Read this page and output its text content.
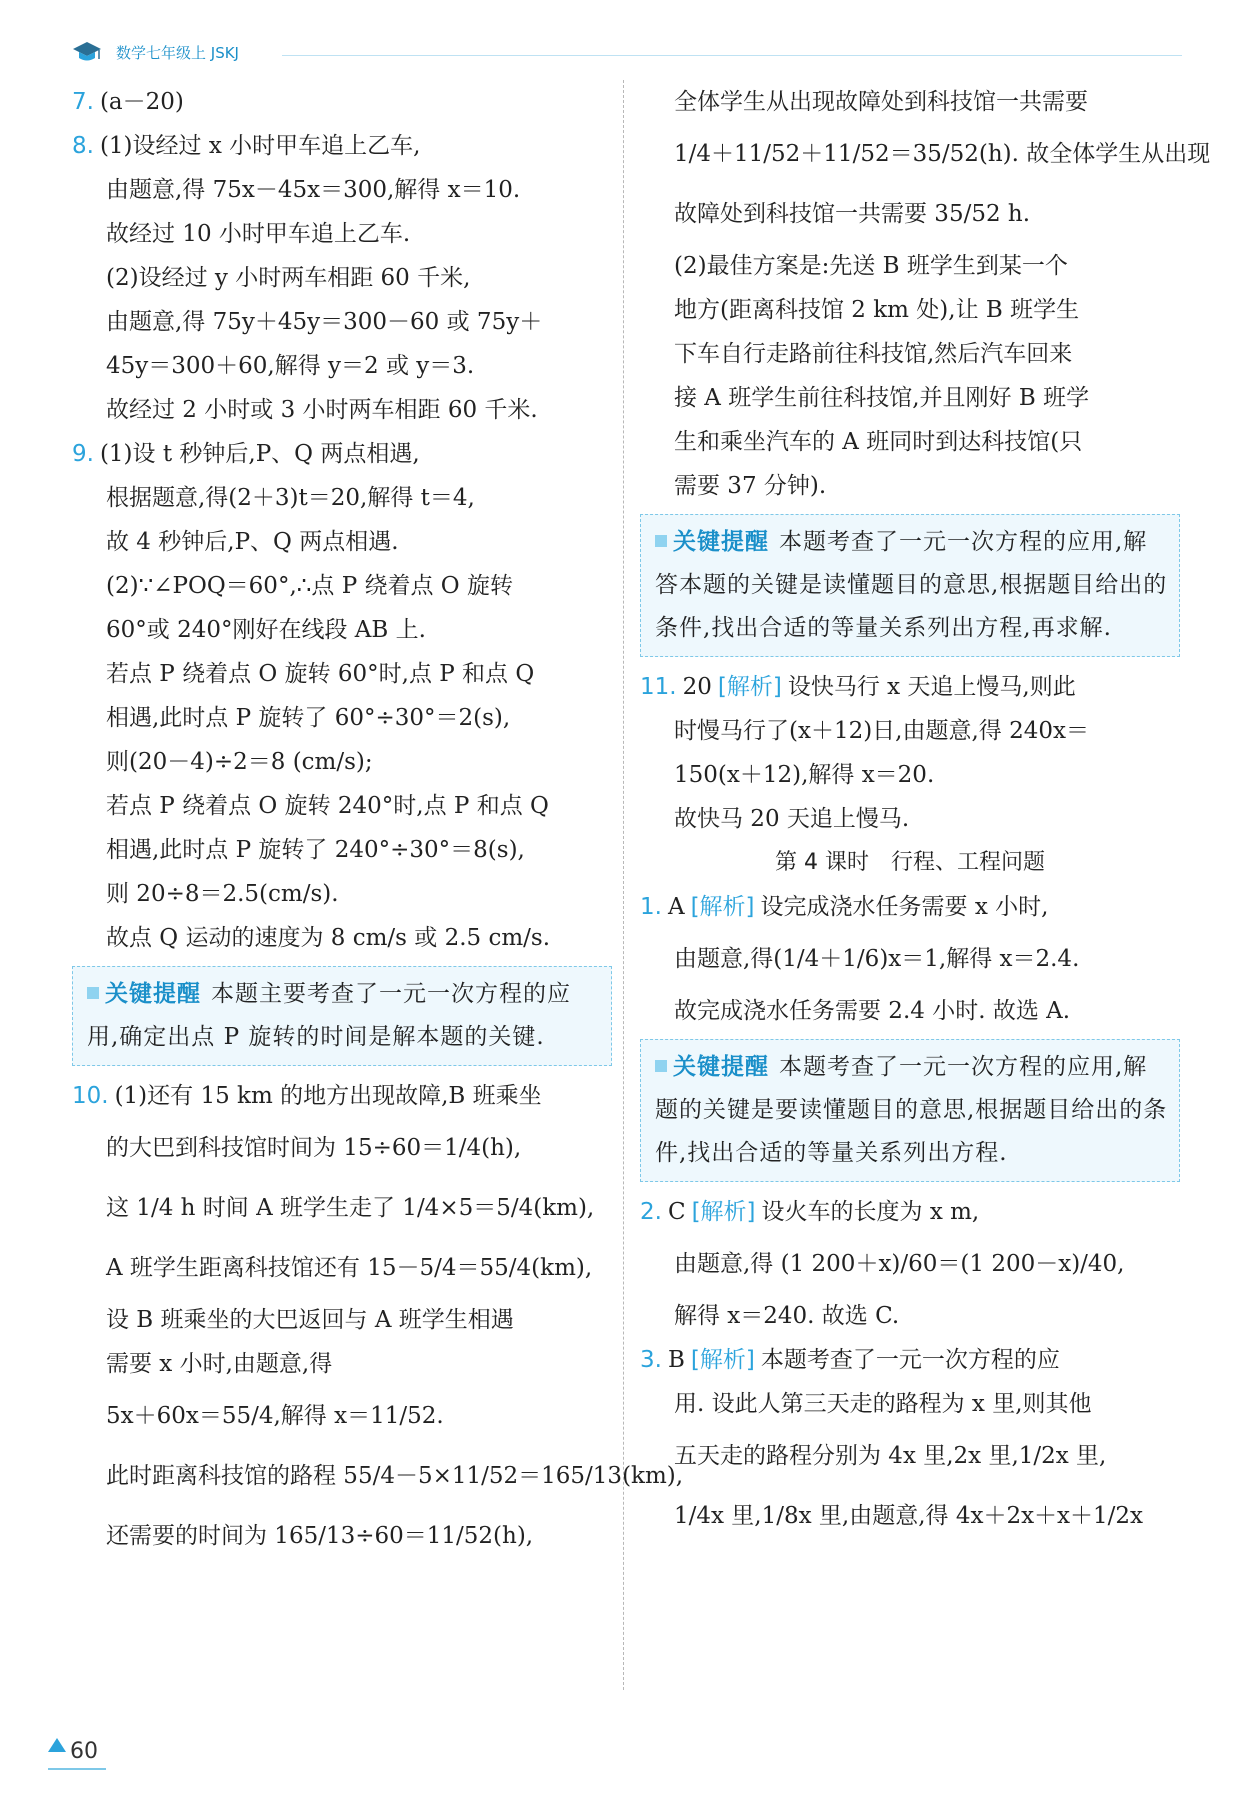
数学七年级上 JSKJ
7. (a－20)
8. (1)设经过 x 小时甲车追上乙车,
由题意,得 75x－45x＝300,解得 x＝10.
故经过 10 小时甲车追上乙车.
(2)设经过 y 小时两车相距 60 千米,
由题意,得 75y＋45y＝300－60 或 75y＋
45y＝300＋60,解得 y＝2 或 y＝3.
故经过 2 小时或 3 小时两车相距 60 千米.
9. (1)设 t 秒钟后,P、Q 两点相遇,
根据题意,得(2＋3)t＝20,解得 t＝4,
故 4 秒钟后,P、Q 两点相遇.
(2)∵∠POQ＝60°,∴点 P 绕着点 O 旋转
60°或 240°刚好在线段 AB 上.
若点 P 绕着点 O 旋转 60°时,点 P 和点 Q
相遇,此时点 P 旋转了 60°÷30°＝2(s),
则(20－4)÷2＝8 (cm/s);
若点 P 绕着点 O 旋转 240°时,点 P 和点 Q
相遇,此时点 P 旋转了 240°÷30°＝8(s),
则 20÷8＝2.5(cm/s).
故点 Q 运动的速度为 8 cm/s 或 2.5 cm/s.
关键提醒 本题主要考查了一元一次方程的应用,确定出点 P 旋转的时间是解本题的关键.
10. (1)还有 15 km 的地方出现故障,B 班乘坐
的大巴到科技馆时间为 15÷60＝1/4(h),
这 1/4 h 时间 A 班学生走了 1/4×5＝5/4(km),
A 班学生距离科技馆还有 15－5/4＝55/4(km),
设 B 班乘坐的大巴返回与 A 班学生相遇
需要 x 小时,由题意,得
5x＋60x＝55/4,解得 x＝11/52.
此时距离科技馆的路程 55/4－5×11/52＝165/13(km),
还需要的时间为 165/13÷60＝11/52(h),
全体学生从出现故障处到科技馆一共需要
1/4＋11/52＋11/52＝35/52(h). 故全体学生从出现
故障处到科技馆一共需要 35/52 h.
(2)最佳方案是:先送 B 班学生到某一个
地方(距离科技馆 2 km 处),让 B 班学生
下车自行走路前往科技馆,然后汽车回来
接 A 班学生前往科技馆,并且刚好 B 班学
生和乘坐汽车的 A 班同时到达科技馆(只
需要 37 分钟).
关键提醒 本题考查了一元一次方程的应用,解答本题的关键是读懂题目的意思,根据题目给出的条件,找出合适的等量关系列出方程,再求解.
11. 20 [解析] 设快马行 x 天追上慢马,则此
时慢马行了(x＋12)日,由题意,得 240x＝
150(x＋12),解得 x＝20.
故快马 20 天追上慢马.
第 4 课时　行程、工程问题
1. A [解析] 设完成浇水任务需要 x 小时,
由题意,得(1/4＋1/6)x＝1,解得 x＝2.4.
故完成浇水任务需要 2.4 小时. 故选 A.
关键提醒 本题考查了一元一次方程的应用,解题的关键是要读懂题目的意思,根据题目给出的条件,找出合适的等量关系列出方程.
2. C [解析] 设火车的长度为 x m,
由题意,得 (1 200＋x)/60＝(1 200－x)/40,
解得 x＝240. 故选 C.
3. B [解析] 本题考查了一元一次方程的应
用. 设此人第三天走的路程为 x 里,则其他
五天走的路程分别为 4x 里,2x 里,1/2x 里,
1/4x 里,1/8x 里,由题意,得 4x＋2x＋x＋1/2x
60
